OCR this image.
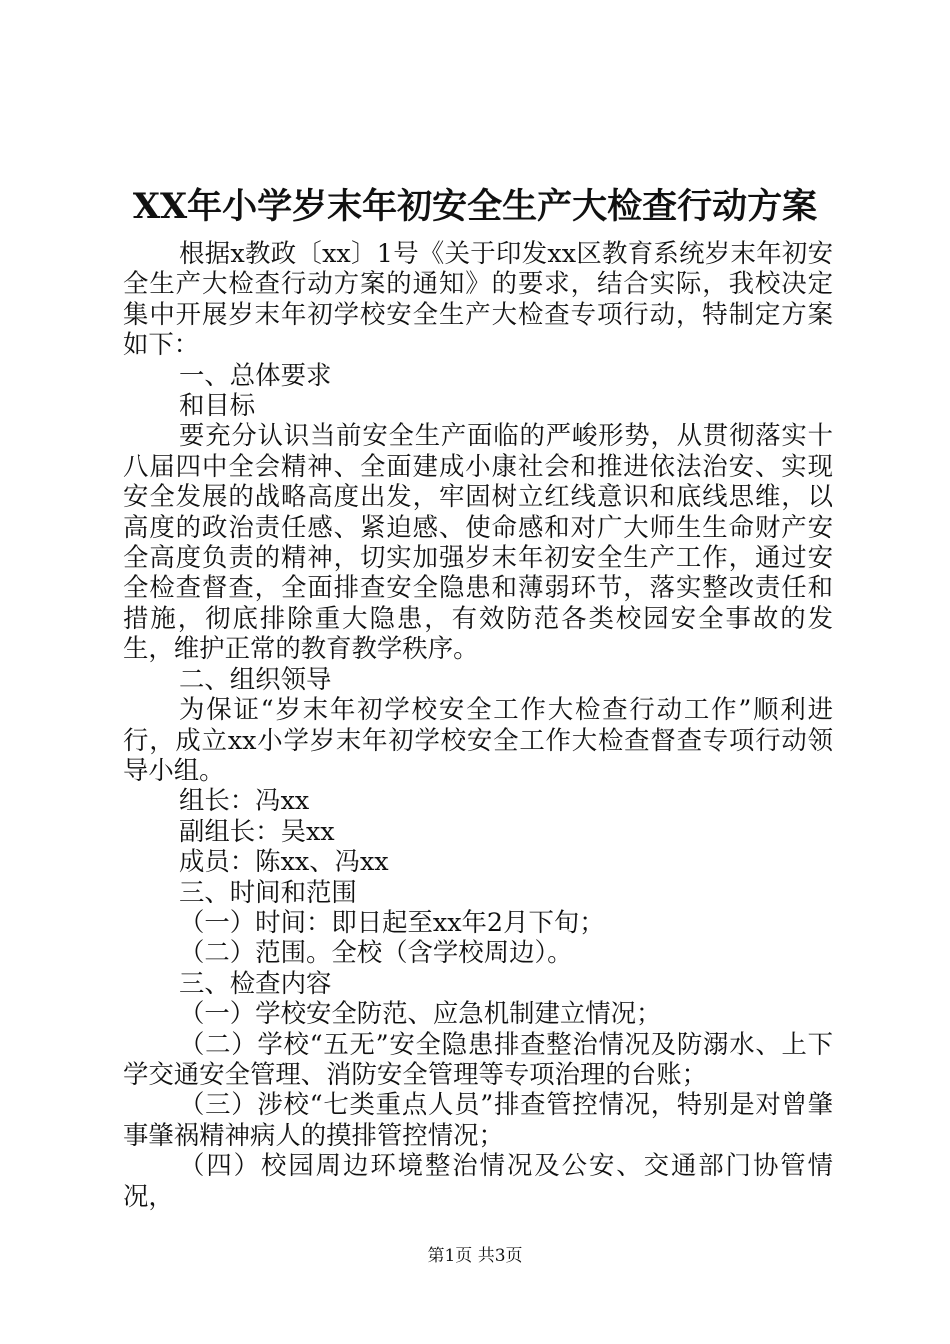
XX年小学岁末年初安全生产大检查行动方案

根据x教政〔xx〕1号《关于印发xx区教育系统岁末年初安全生产大检查行动方案的通知》的要求，结合实际，我校决定集中开展岁末年初学校安全生产大检查专项行动，特制定方案如下：

一、总体要求

和目标

要充分认识当前安全生产面临的严峻形势，从贯彻落实十八届四中全会精神、全面建成小康社会和推进依法治安、实现安全发展的战略高度出发，牢固树立红线意识和底线思维，以高度的政治责任感、紧迫感、使命感和对广大师生生命财产安全高度负责的精神，切实加强岁末年初安全生产工作，通过安全检查督查，全面排查安全隐患和薄弱环节，落实整改责任和措施，彻底排除重大隐患，有效防范各类校园安全事故的发生，维护正常的教育教学秩序。

二、组织领导

为保证“岁末年初学校安全工作大检查行动工作”顺利进行，成立xx小学岁末年初学校安全工作大检查督查专项行动领导小组。

组长：冯xx

副组长：吴xx

成员：陈xx、冯xx

三、时间和范围

（一）时间：即日起至xx年2月下旬；

（二）范围。全校（含学校周边）。

三、检查内容

（一）学校安全防范、应急机制建立情况；

（二）学校“五无”安全隐患排查整治情况及防溺水、上下学交通安全管理、消防安全管理等专项治理的台账；

（三）涉校“七类重点人员”排查管控情况，特别是对曾肇事肇祸精神病人的摸排管控情况；

（四）校园周边环境整治情况及公安、交通部门协管情况，

第1页 共3页
